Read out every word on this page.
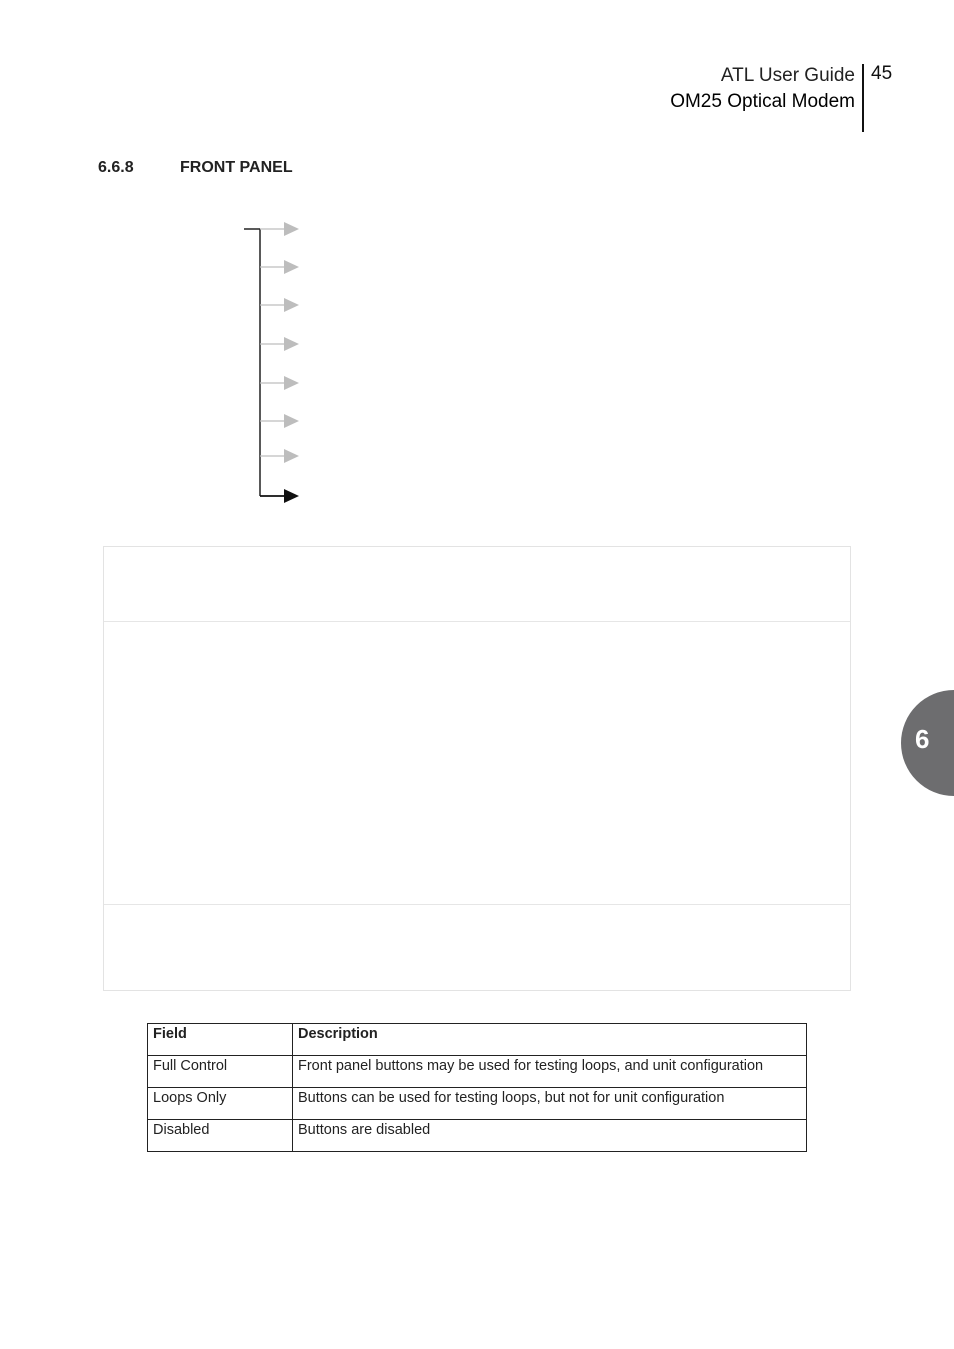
ATL User Guide
OM25 Optical Modem
45
6.6.8	FRONT PANEL
6
Field	Description
Full Control	Front panel buttons may be used for testing loops, and unit configuration
Loops Only	Buttons can be used for testing loops, but not for unit configuration
Disabled	Buttons are disabled
